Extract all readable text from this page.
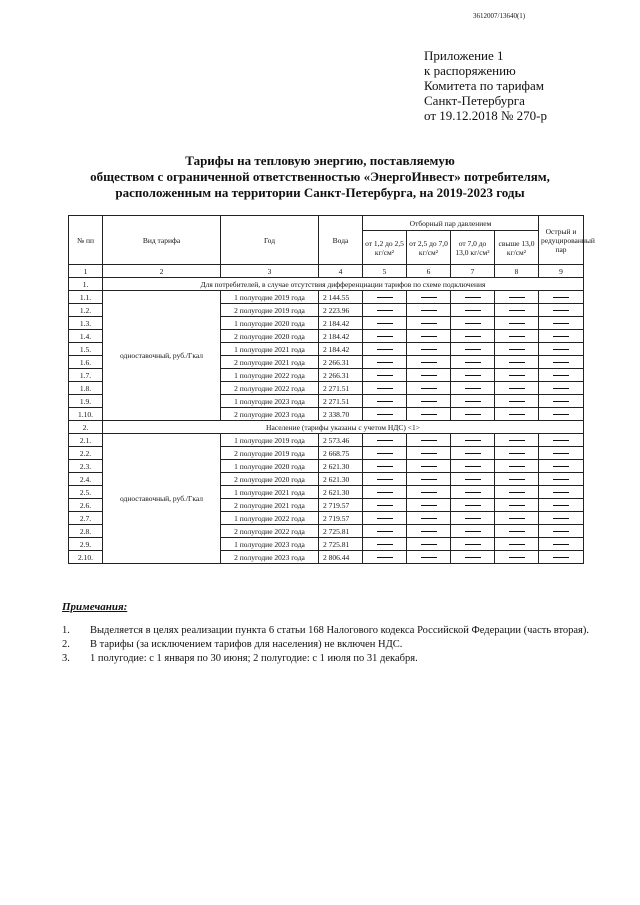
3612007/13640(1)
Приложение 1
к распоряжению
Комитета по тарифам
Санкт-Петербурга
от 19.12.2018 № 270-р
Тарифы на тепловую энергию, поставляемую
обществом с ограниченной ответственностью «ЭнергоИнвест» потребителям,
расположенным на территории Санкт-Петербурга, на 2019-2023 годы
№ пп	Вид тарифа	Год	Вода	Отборный пар давлением				Острый и редуцированный пар
				от 1,2 до 2,5 кг/см²	от 2,5 до 7,0 кг/см²	от 7,0 до 13,0 кг/см²	свыше 13,0 кг/см²	
1	2	3	4	5	6	7	8	9
1.	Для потребителей, в случае отсутствия дифференциации тарифов по схеме подключения							
1.1.	одноставочный, руб./Гкал	1 полугодие 2019 года	2 144.55					
1.2.		2 полугодие 2019 года	2 223.96					
1.3.		1 полугодие 2020 года	2 184.42					
1.4.		2 полугодие 2020 года	2 184.42					
1.5.		1 полугодие 2021 года	2 184.42					
1.6.		2 полугодие 2021 года	2 266.31					
1.7.		1 полугодие 2022 года	2 266.31					
1.8.		2 полугодие 2022 года	2 271.51					
1.9.		1 полугодие 2023 года	2 271.51					
1.10.		2 полугодие 2023 года	2 338.70					
2.	Население (тарифы указаны с учетом НДС) <1>							
2.1.	одноставочный, руб./Гкал	1 полугодие 2019 года	2 573.46					
2.2.		2 полугодие 2019 года	2 668.75					
2.3.		1 полугодие 2020 года	2 621.30					
2.4.		2 полугодие 2020 года	2 621.30					
2.5.		1 полугодие 2021 года	2 621.30					
2.6.		2 полугодие 2021 года	2 719.57					
2.7.		1 полугодие 2022 года	2 719.57					
2.8.		2 полугодие 2022 года	2 725.81					
2.9.		1 полугодие 2023 года	2 725.81					
2.10.		2 полугодие 2023 года	2 806.44					
Примечания:
1.	Выделяется в целях реализации пункта 6 статьи 168 Налогового кодекса Российской Федерации (часть вторая).
2.	В тарифы (за исключением тарифов для населения) не включен НДС.
3.	1 полугодие: с 1 января по 30 июня; 2 полугодие: с 1 июля по 31 декабря.
